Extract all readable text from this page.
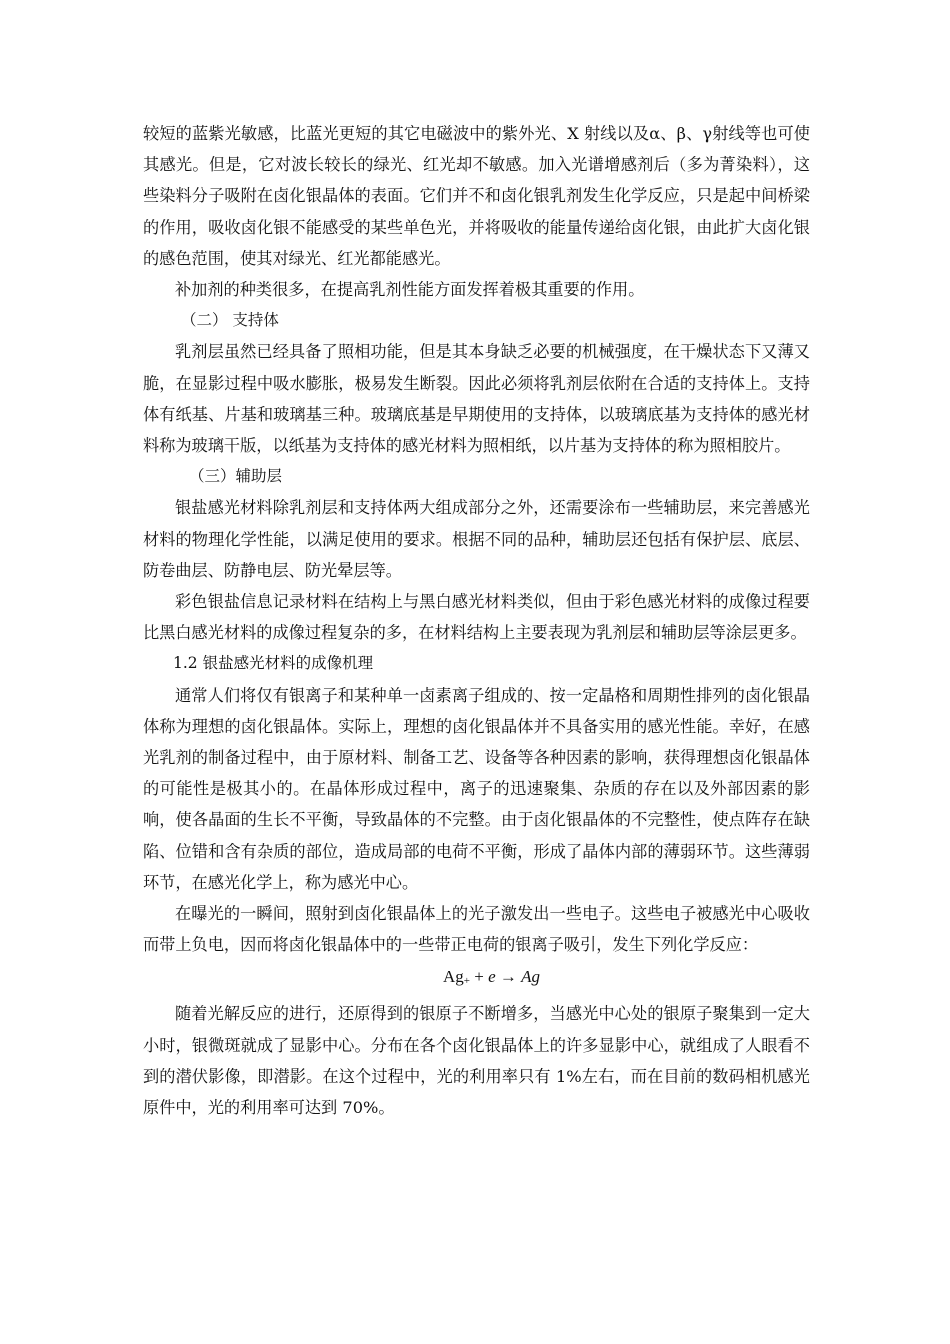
较短的蓝紫光敏感，比蓝光更短的其它电磁波中的紫外光、X 射线以及α、β、γ射线等也可使其感光。但是，它对波长较长的绿光、红光却不敏感。加入光谱增感剂后（多为菁染料），这些染料分子吸附在卤化银晶体的表面。它们并不和卤化银乳剂发生化学反应，只是起中间桥梁的作用，吸收卤化银不能感受的某些单色光，并将吸收的能量传递给卤化银，由此扩大卤化银的感色范围，使其对绿光、红光都能感光。

补加剂的种类很多，在提高乳剂性能方面发挥着极其重要的作用。

（二） 支持体

乳剂层虽然已经具备了照相功能，但是其本身缺乏必要的机械强度，在干燥状态下又薄又脆，在显影过程中吸水膨胀，极易发生断裂。因此必须将乳剂层依附在合适的支持体上。支持体有纸基、片基和玻璃基三种。玻璃底基是早期使用的支持体，以玻璃底基为支持体的感光材料称为玻璃干版，以纸基为支持体的感光材料为照相纸，以片基为支持体的称为照相胶片。

（三）辅助层

银盐感光材料除乳剂层和支持体两大组成部分之外，还需要涂布一些辅助层，来完善感光材料的物理化学性能，以满足使用的要求。根据不同的品种，辅助层还包括有保护层、底层、防卷曲层、防静电层、防光晕层等。

彩色银盐信息记录材料在结构上与黑白感光材料类似，但由于彩色感光材料的成像过程要比黑白感光材料的成像过程复杂的多，在材料结构上主要表现为乳剂层和辅助层等涂层更多。

1.2 银盐感光材料的成像机理

通常人们将仅有银离子和某种单一卤素离子组成的、按一定晶格和周期性排列的卤化银晶体称为理想的卤化银晶体。实际上，理想的卤化银晶体并不具备实用的感光性能。幸好，在感光乳剂的制备过程中，由于原材料、制备工艺、设备等各种因素的影响，获得理想卤化银晶体的可能性是极其小的。在晶体形成过程中，离子的迅速聚集、杂质的存在以及外部因素的影响，使各晶面的生长不平衡，导致晶体的不完整。由于卤化银晶体的不完整性，使点阵存在缺陷、位错和含有杂质的部位，造成局部的电荷不平衡，形成了晶体内部的薄弱环节。这些薄弱环节，在感光化学上，称为感光中心。

在曝光的一瞬间，照射到卤化银晶体上的光子激发出一些电子。这些电子被感光中心吸收而带上负电，因而将卤化银晶体中的一些带正电荷的银离子吸引，发生下列化学反应：

Ag+ + e → Ag

随着光解反应的进行，还原得到的银原子不断增多，当感光中心处的银原子聚集到一定大小时，银微斑就成了显影中心。分布在各个卤化银晶体上的许多显影中心，就组成了人眼看不到的潜伏影像，即潜影。在这个过程中，光的利用率只有 1%左右，而在目前的数码相机感光原件中，光的利用率可达到 70%。
